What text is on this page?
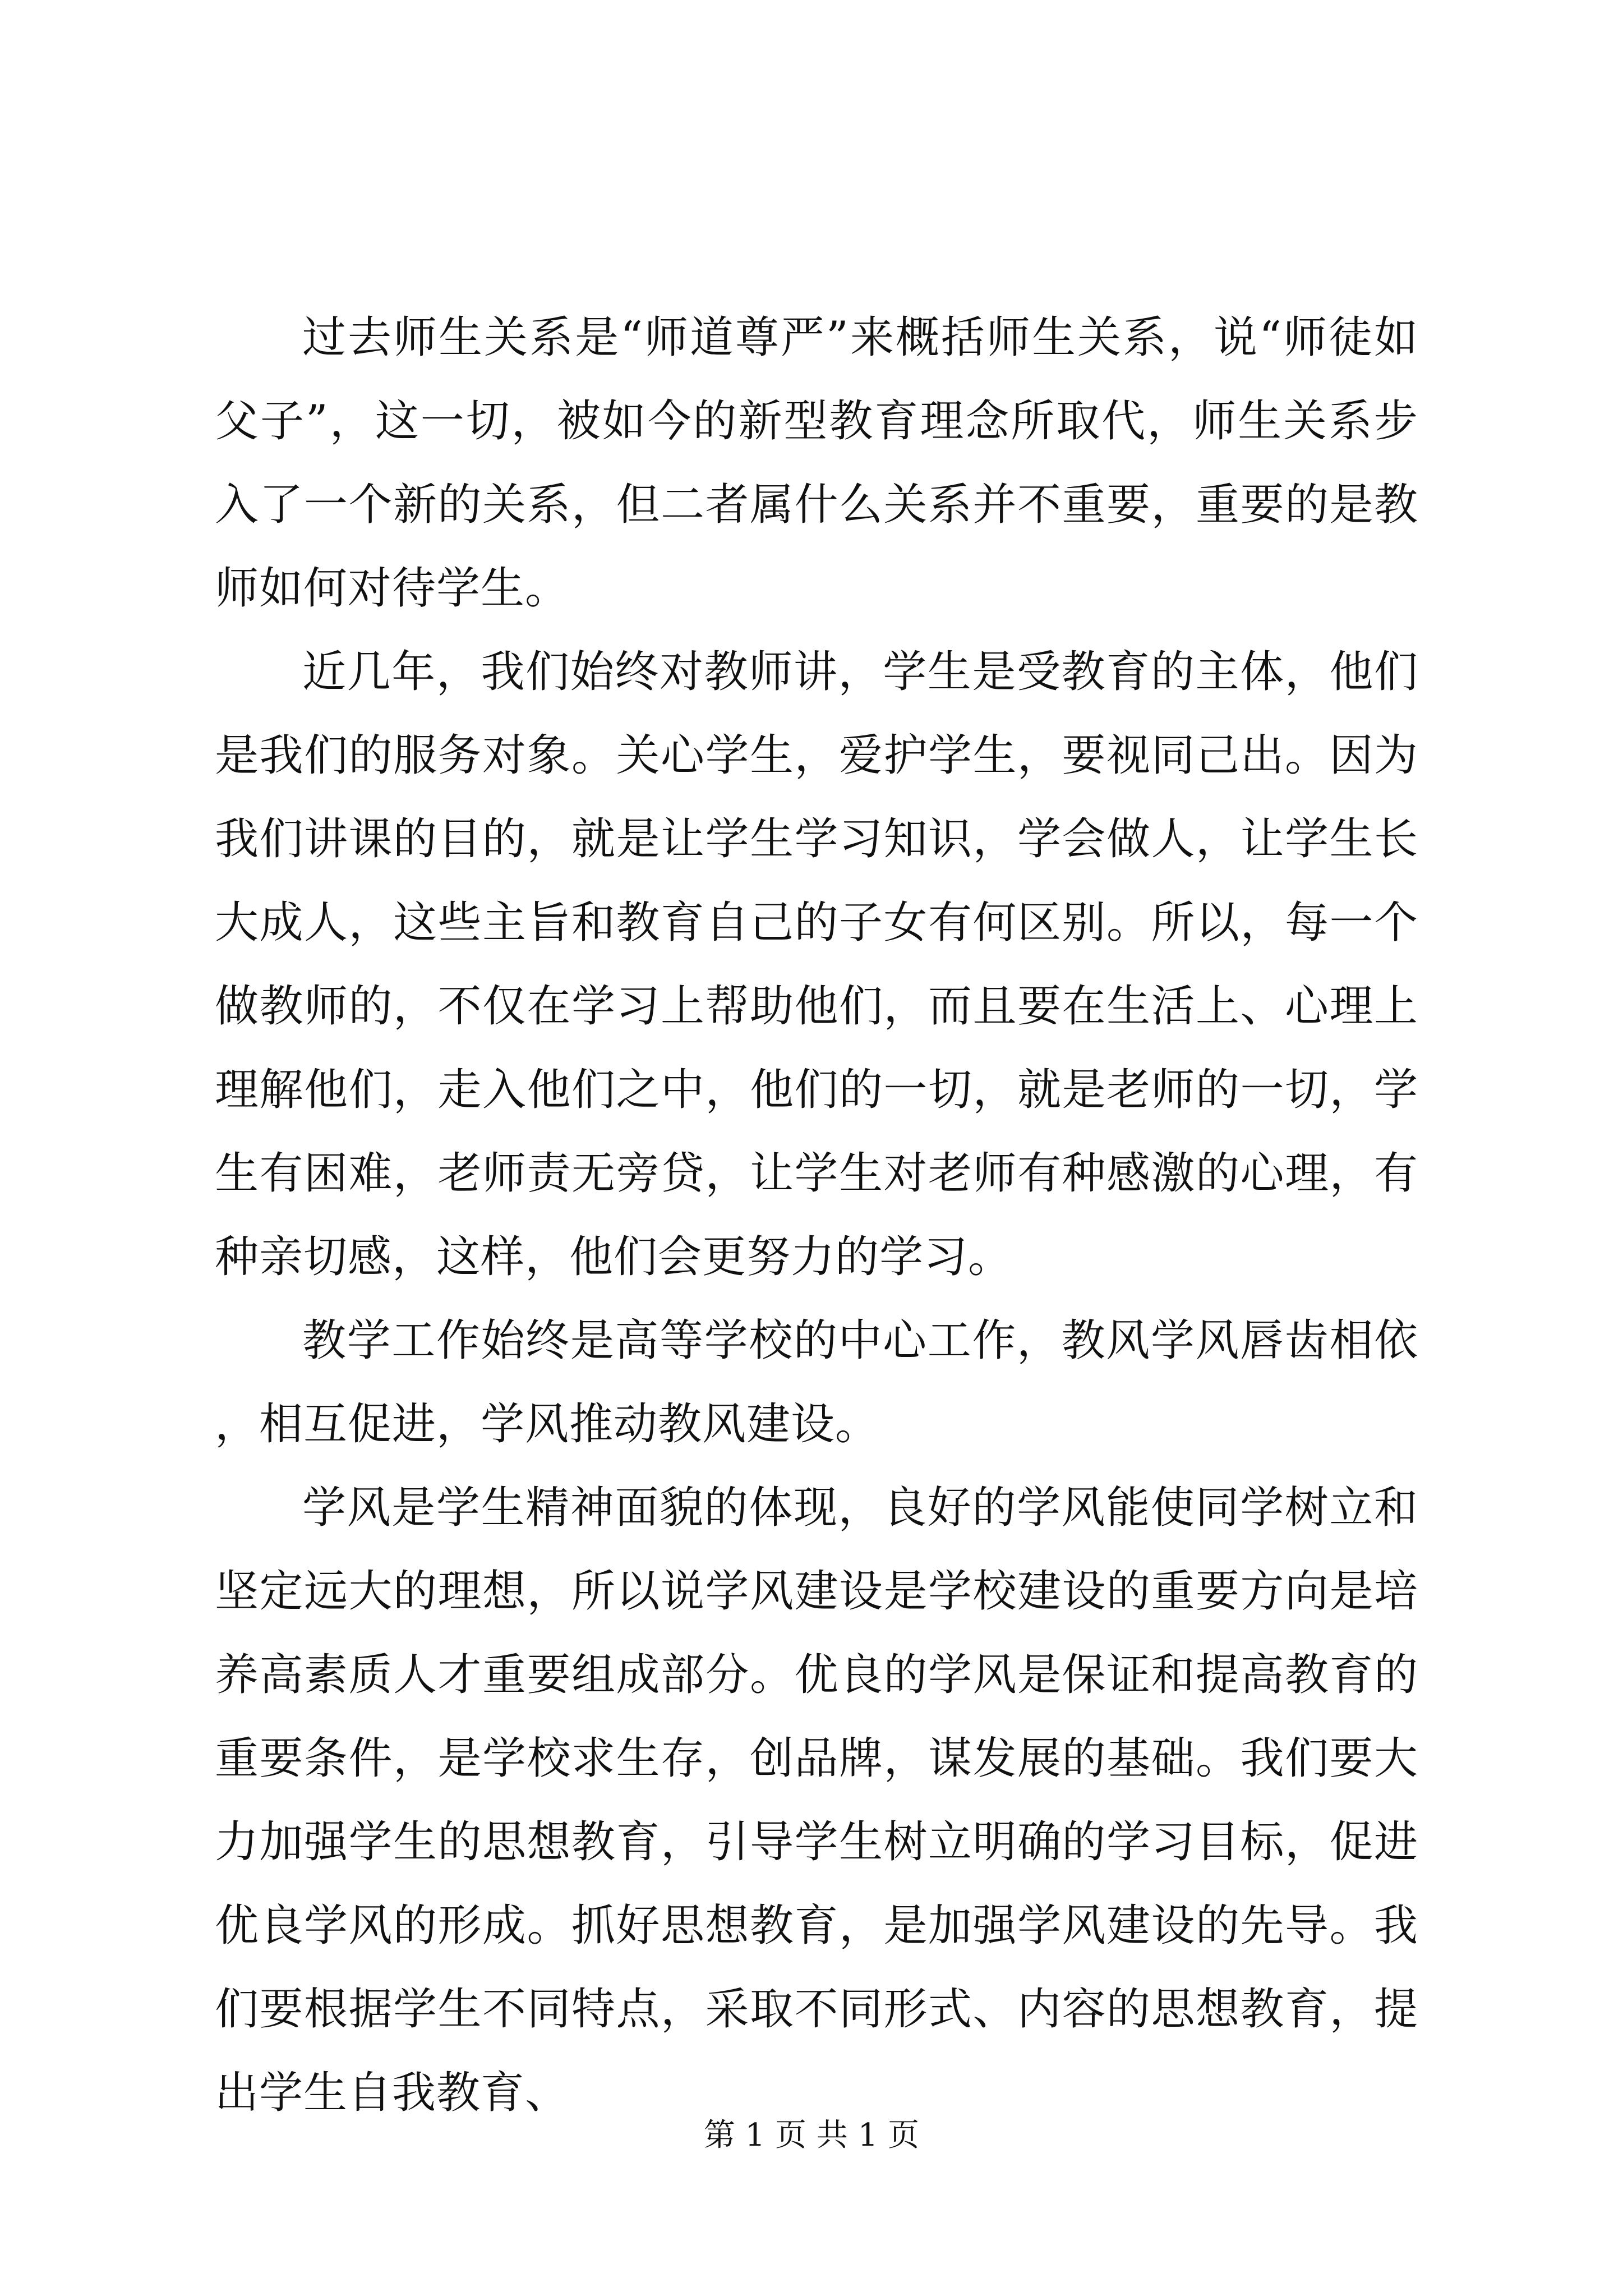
过去师生关系是“师道尊严”来概括师生关系，说“师徒如父子”，这一切，被如今的新型教育理念所取代，师生关系步入了一个新的关系，但二者属什么关系并不重要，重要的是教师如何对待学生。

近几年，我们始终对教师讲，学生是受教育的主体，他们是我们的服务对象。关心学生，爱护学生，要视同己出。因为我们讲课的目的，就是让学生学习知识，学会做人，让学生长大成人，这些主旨和教育自己的子女有何区别。所以，每一个做教师的，不仅在学习上帮助他们，而且要在生活上、心理上理解他们，走入他们之中，他们的一切，就是老师的一切，学生有困难，老师责无旁贷，让学生对老师有种感激的心理，有种亲切感，这样，他们会更努力的学习。

教学工作始终是高等学校的中心工作，教风学风唇齿相依，相互促进，学风推动教风建设。

学风是学生精神面貌的体现，良好的学风能使同学树立和坚定远大的理想，所以说学风建设是学校建设的重要方向是培养高素质人才重要组成部分。优良的学风是保证和提高教育的重要条件，是学校求生存，创品牌，谋发展的基础。我们要大力加强学生的思想教育，引导学生树立明确的学习目标，促进优良学风的形成。抓好思想教育，是加强学风建设的先导。我们要根据学生不同特点，采取不同形式、内容的思想教育，提出学生自我教育、

第 1 页 共 1 页
